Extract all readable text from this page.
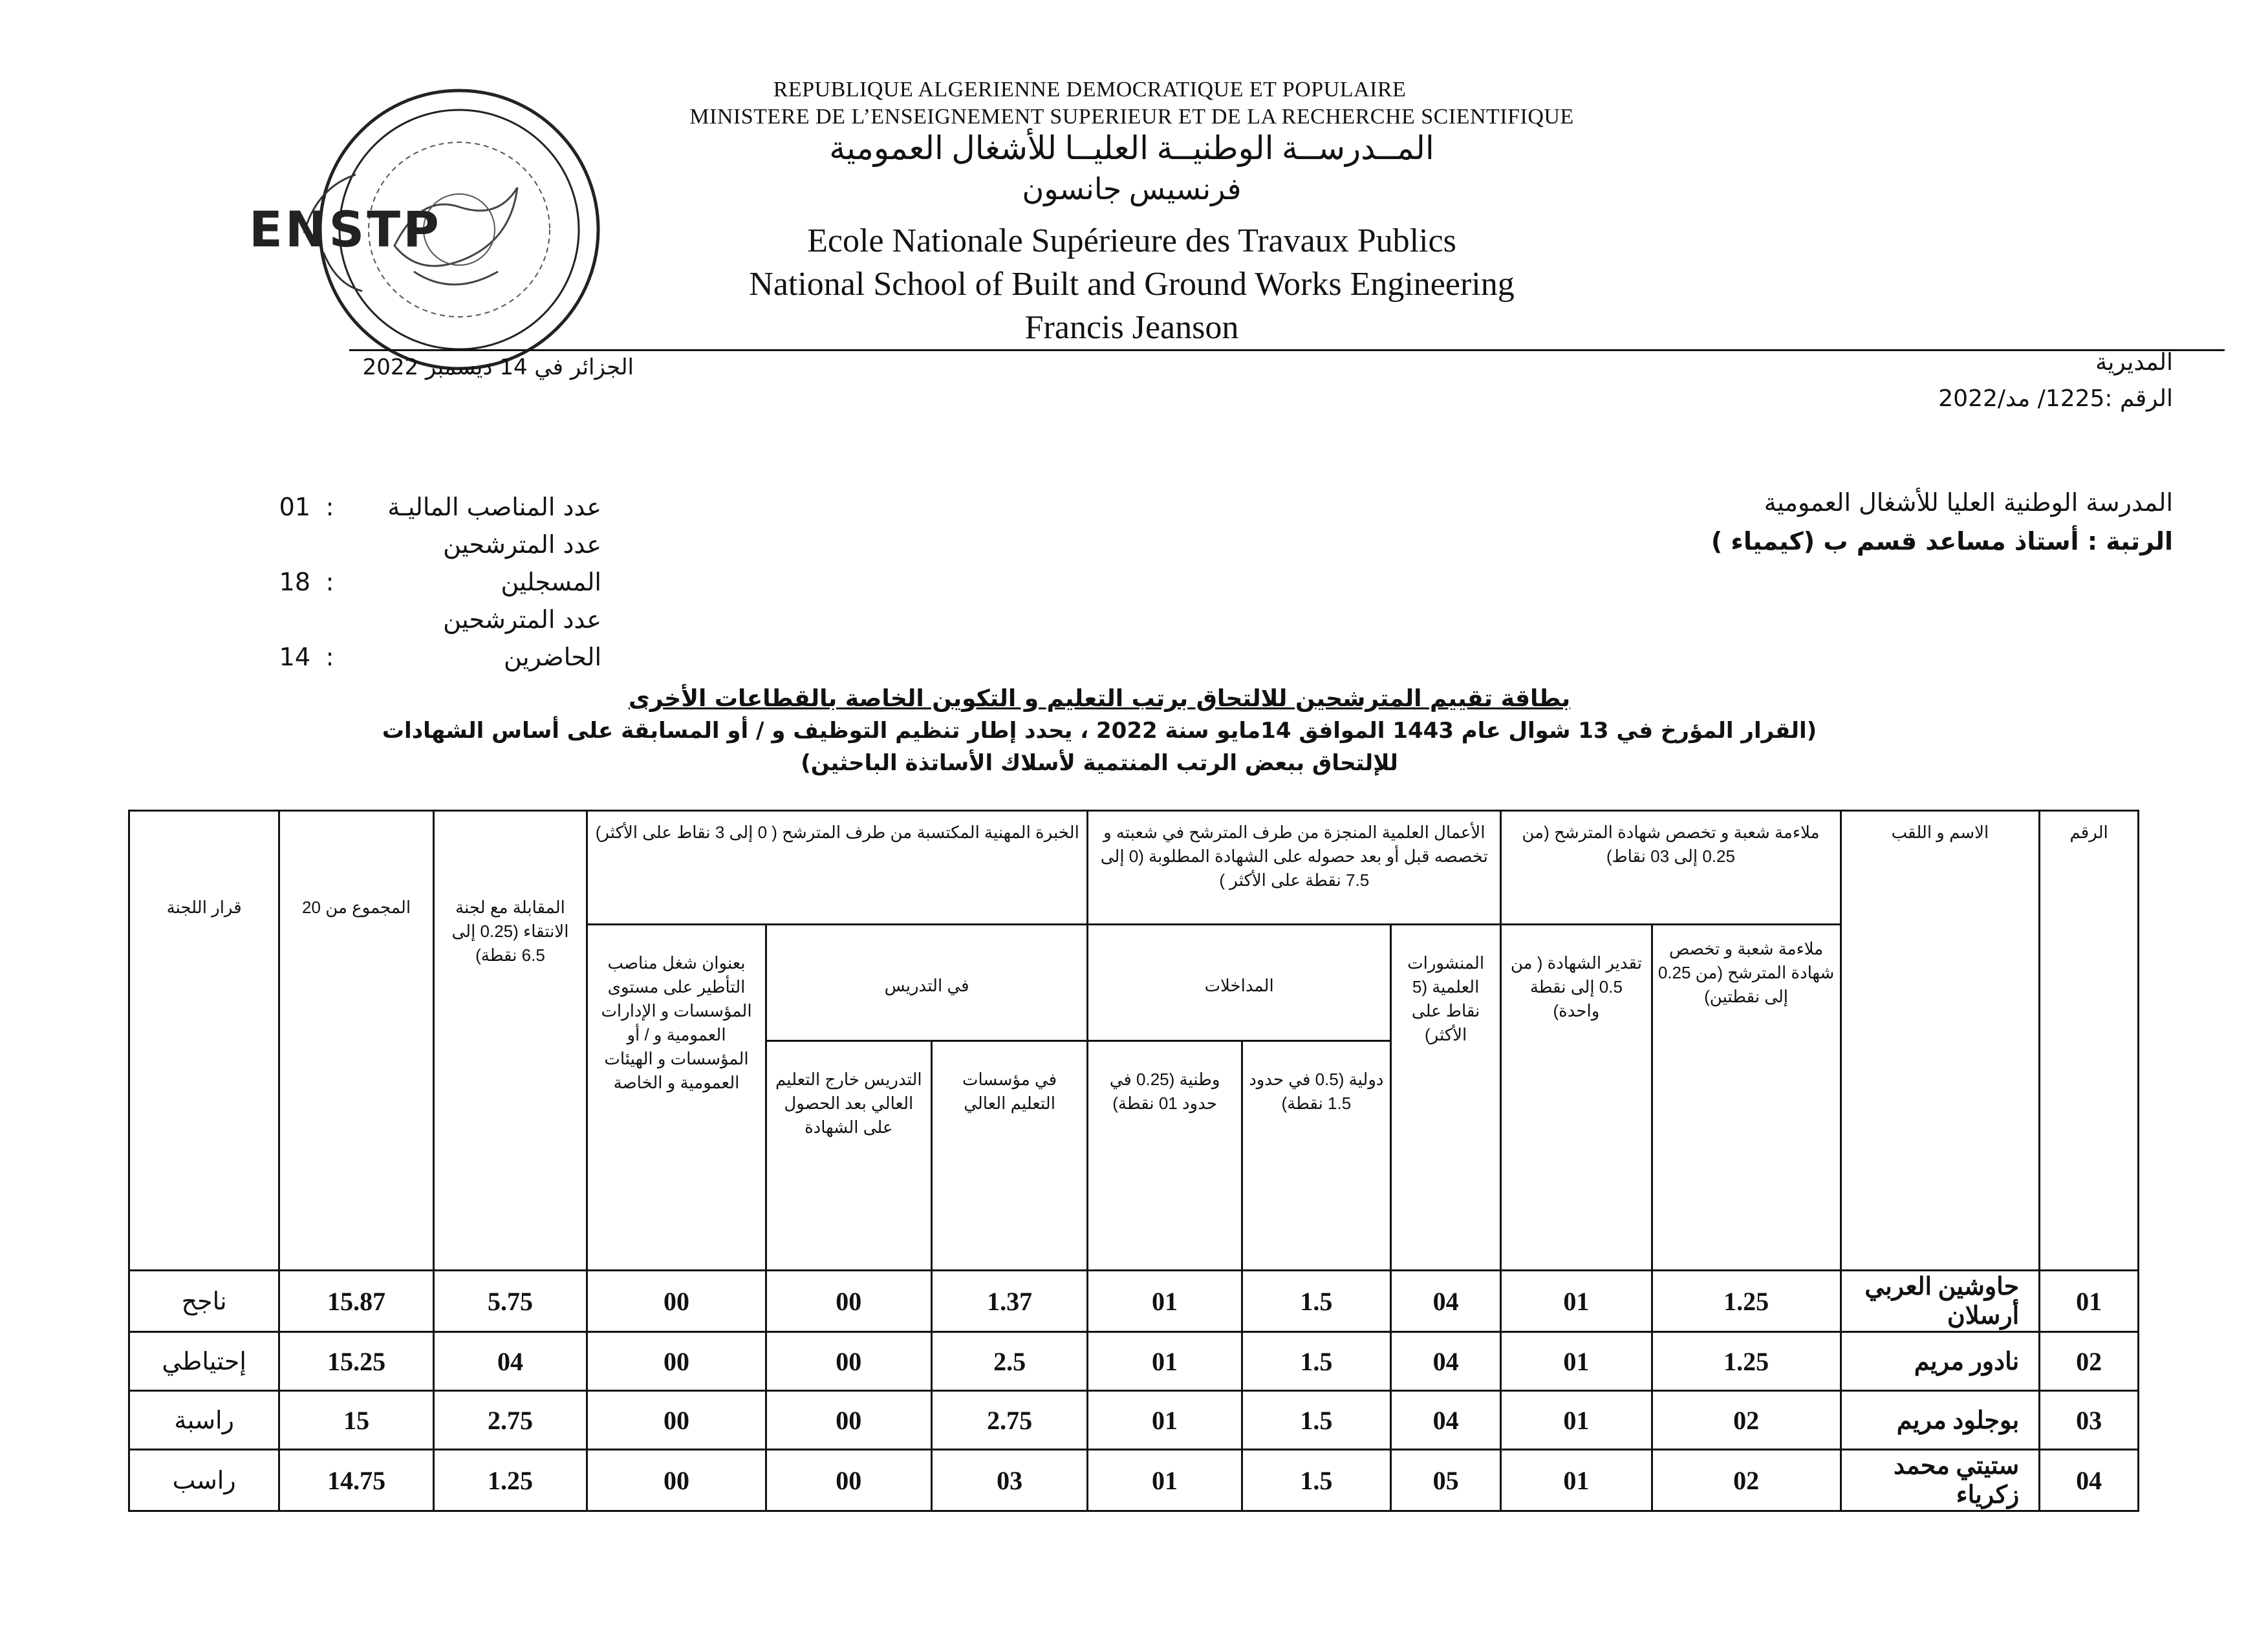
ENSTP
REPUBLIQUE ALGERIENNE DEMOCRATIQUE ET POPULAIRE
MINISTERE DE L’ENSEIGNEMENT SUPERIEUR ET DE LA RECHERCHE SCIENTIFIQUE
المــدرســة الوطنيــة العليــا للأشغال العمومية
فرنسيس جانسون
Ecole Nationale Supérieure des Travaux Publics
National School of Built and Ground Works Engineering
Francis Jeanson
المديرية
الرقم :1225/ مد/2022
الجزائر في 14 ديسمبر 2022
المدرسة الوطنية العليا للأشغال العمومية
الرتبة : أستاذ مساعد قسم ب (كيمياء )
عدد المناصب الماليـة:01
عدد المترشحين المسجلين:18
عدد المترشحين الحاضرين:14
بطاقة تقييم المترشحين للالتحاق برتب التعليم و التكوين الخاصة بالقطاعات الأخرى
(القرار المؤرخ في 13 شوال عام 1443 الموافق 14مايو سنة 2022 ، يحدد إطار تنظيم التوظيف و / أو المسابقة على أساس الشهادات
للإلتحاق ببعض الرتب المنتمية لأسلاك الأساتذة الباحثين)
الرقم	الاسم و اللقب	ملاءمة شعبة و تخصص شهادة المترشح (من 0.25 إلى 03 نقاط)		الأعمال العلمية المنجزة من طرف المترشح في شعبته و تخصصه قبل أو بعد حصوله على الشهادة المطلوبة (0 إلى 7.5 نقطة على الأكثر )			الخبرة المهنية المكتسبة من طرف المترشح ( 0 إلى 3 نقاط على الأكثر)			المقابلة مع لجنة الانتقاء (0.25 إلى 6.5 نقطة)	المجموع من 20	قرار اللجنة
		ملاءمة شعبة و تخصص شهادة المترشح (من 0.25 إلى نقطتين)	تقدير الشهادة ( من 0.5 إلى نقطة واحدة)	المنشورات العلمية (5 نقاط على الأكثر)	المداخلات		في التدريس		بعنوان شغل مناصب التأطير على مستوى المؤسسات و الإدارات العمومية و / أو المؤسسات و الهيئات العمومية و الخاصة			
					دولية (0.5 في حدود 1.5 نقطة)	وطنية (0.25 في حدود 01 نقطة)	في مؤسسات التعليم العالي	التدريس خارج التعليم العالي بعد الحصول على الشهادة				

01	حاوشين العربي أرسلان	1.25	01	04	1.5	01	1.37	00	00	5.75	15.87	ناجح
02	نادور مريم	1.25	01	04	1.5	01	2.5	00	00	04	15.25	إحتياطي
03	بوجلود مريم	02	01	04	1.5	01	2.75	00	00	2.75	15	راسبة
04	ستيتي محمد زكرياء	02	01	05	1.5	01	03	00	00	1.25	14.75	راسب
